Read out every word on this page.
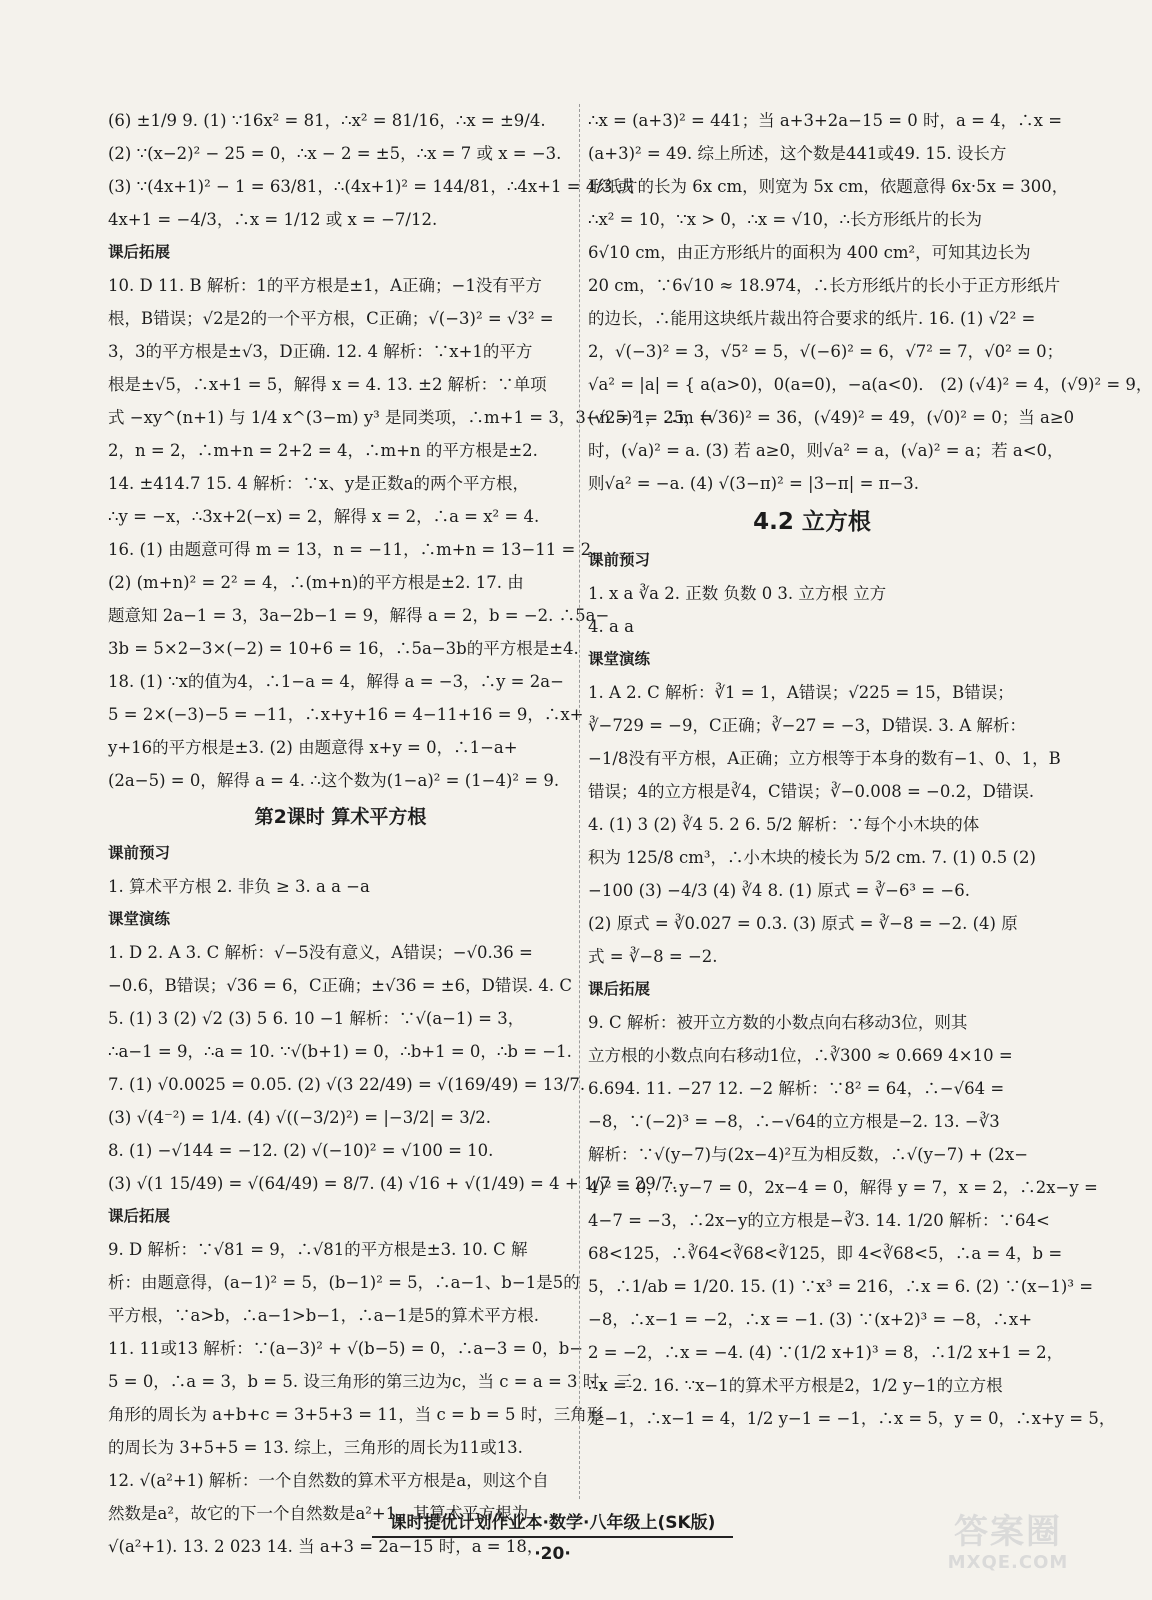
(6) ±1/9 9. (1) ∵16x² = 81，∴x² = 81/16，∴x = ±9/4.
(2) ∵(x−2)² − 25 = 0，∴x − 2 = ±5，∴x = 7 或 x = −3.
(3) ∵(4x+1)² − 1 = 63/81，∴(4x+1)² = 144/81，∴4x+1 = 4/3 或
4x+1 = −4/3，∴x = 1/12 或 x = −7/12.
课后拓展
10. D 11. B 解析：1的平方根是±1，A正确；−1没有平方
根，B错误；√2是2的一个平方根，C正确；√(−3)² = √3² =
3，3的平方根是±√3，D正确. 12. 4 解析：∵x+1的平方
根是±√5，∴x+1 = 5，解得 x = 4. 13. ±2 解析：∵单项
式 −xy^(n+1) 与 1/4 x^(3−m) y³ 是同类项，∴m+1 = 3，3−n = 1，∴m =
2，n = 2，∴m+n = 2+2 = 4，∴m+n 的平方根是±2.
14. ±414.7 15. 4 解析：∵x、y是正数a的两个平方根，
∴y = −x，∴3x+2(−x) = 2，解得 x = 2，∴a = x² = 4.
16. (1) 由题意可得 m = 13，n = −11，∴m+n = 13−11 = 2.
(2) (m+n)² = 2² = 4，∴(m+n)的平方根是±2. 17. 由
题意知 2a−1 = 3，3a−2b−1 = 9，解得 a = 2，b = −2. ∴5a−
3b = 5×2−3×(−2) = 10+6 = 16，∴5a−3b的平方根是±4.
18. (1) ∵x的值为4，∴1−a = 4，解得 a = −3，∴y = 2a−
5 = 2×(−3)−5 = −11，∴x+y+16 = 4−11+16 = 9，∴x+
y+16的平方根是±3. (2) 由题意得 x+y = 0，∴1−a+
(2a−5) = 0，解得 a = 4. ∴这个数为(1−a)² = (1−4)² = 9.
第2课时 算术平方根
课前预习
1. 算术平方根 2. 非负 ≥ 3. a a −a
课堂演练
1. D 2. A 3. C 解析：√−5没有意义，A错误；−√0.36 =
−0.6，B错误；√36 = 6，C正确；±√36 = ±6，D错误. 4. C
5. (1) 3 (2) √2 (3) 5 6. 10 −1 解析：∵√(a−1) = 3，
∴a−1 = 9，∴a = 10. ∵√(b+1) = 0，∴b+1 = 0，∴b = −1.
7. (1) √0.0025 = 0.05. (2) √(3 22/49) = √(169/49) = 13/7.
(3) √(4⁻²) = 1/4. (4) √((−3/2)²) = |−3/2| = 3/2.
8. (1) −√144 = −12. (2) √(−10)² = √100 = 10.
(3) √(1 15/49) = √(64/49) = 8/7. (4) √16 + √(1/49) = 4 + 1/7 = 29/7.
课后拓展
9. D 解析：∵√81 = 9，∴√81的平方根是±3. 10. C 解
析：由题意得，(a−1)² = 5，(b−1)² = 5，∴a−1、b−1是5的
平方根，∵a>b，∴a−1>b−1，∴a−1是5的算术平方根.
11. 11或13 解析：∵(a−3)² + √(b−5) = 0，∴a−3 = 0，b−
5 = 0，∴a = 3，b = 5. 设三角形的第三边为c，当 c = a = 3 时，三
角形的周长为 a+b+c = 3+5+3 = 11，当 c = b = 5 时，三角形
的周长为 3+5+5 = 13. 综上，三角形的周长为11或13.
12. √(a²+1) 解析：一个自然数的算术平方根是a，则这个自
然数是a²，故它的下一个自然数是a²+1，其算术平方根为
√(a²+1). 13. 2 023 14. 当 a+3 = 2a−15 时，a = 18，
∴x = (a+3)² = 441；当 a+3+2a−15 = 0 时，a = 4，∴x =
(a+3)² = 49. 综上所述，这个数是441或49. 15. 设长方
形纸片的长为 6x cm，则宽为 5x cm，依题意得 6x·5x = 300，
∴x² = 10，∵x > 0，∴x = √10，∴长方形纸片的长为
6√10 cm，由正方形纸片的面积为 400 cm²，可知其边长为
20 cm，∵6√10 ≈ 18.974，∴长方形纸片的长小于正方形纸片
的边长，∴能用这块纸片裁出符合要求的纸片. 16. (1) √2² =
2，√(−3)² = 3，√5² = 5，√(−6)² = 6，√7² = 7，√0² = 0；
√a² = |a| = { a(a>0)，0(a=0)，−a(a<0)． (2) (√4)² = 4，(√9)² = 9，
(√25)² = 25，(√36)² = 36，(√49)² = 49，(√0)² = 0；当 a≥0
时，(√a)² = a. (3) 若 a≥0，则√a² = a，(√a)² = a；若 a<0，
则√a² = −a. (4) √(3−π)² = |3−π| = π−3.
4.2 立方根
课前预习
1. x a ∛a 2. 正数 负数 0 3. 立方根 立方
4. a a
课堂演练
1. A 2. C 解析：∛1 = 1，A错误；√225 = 15，B错误；
∛−729 = −9，C正确；∛−27 = −3，D错误. 3. A 解析：
−1/8没有平方根，A正确；立方根等于本身的数有−1、0、1，B
错误；4的立方根是∛4，C错误；∛−0.008 = −0.2，D错误.
4. (1) 3 (2) ∛4 5. 2 6. 5/2 解析：∵每个小木块的体
积为 125/8 cm³，∴小木块的棱长为 5/2 cm. 7. (1) 0.5 (2)
−100 (3) −4/3 (4) ∛4 8. (1) 原式 = ∛−6³ = −6.
(2) 原式 = ∛0.027 = 0.3. (3) 原式 = ∛−8 = −2. (4) 原
式 = ∛−8 = −2.
课后拓展
9. C 解析：被开立方数的小数点向右移动3位，则其
立方根的小数点向右移动1位，∴∛300 ≈ 0.669 4×10 =
6.694. 11. −27 12. −2 解析：∵8² = 64，∴−√64 =
−8，∵(−2)³ = −8，∴−√64的立方根是−2. 13. −∛3
解析：∵√(y−7)与(2x−4)²互为相反数，∴√(y−7) + (2x−
4)² = 0，∴y−7 = 0，2x−4 = 0，解得 y = 7，x = 2，∴2x−y =
4−7 = −3，∴2x−y的立方根是−∛3. 14. 1/20 解析：∵64<
68<125，∴∛64<∛68<∛125，即 4<∛68<5，∴a = 4，b =
5，∴1/ab = 1/20. 15. (1) ∵x³ = 216，∴x = 6. (2) ∵(x−1)³ =
−8，∴x−1 = −2，∴x = −1. (3) ∵(x+2)³ = −8，∴x+
2 = −2，∴x = −4. (4) ∵(1/2 x+1)³ = 8，∴1/2 x+1 = 2，
∴x = 2. 16. ∵x−1的算术平方根是2，1/2 y−1的立方根
是−1，∴x−1 = 4，1/2 y−1 = −1，∴x = 5，y = 0，∴x+y = 5，
课时提优计划作业本·数学·八年级上(SK版)
·20·
答案圈
MXQE.COM
